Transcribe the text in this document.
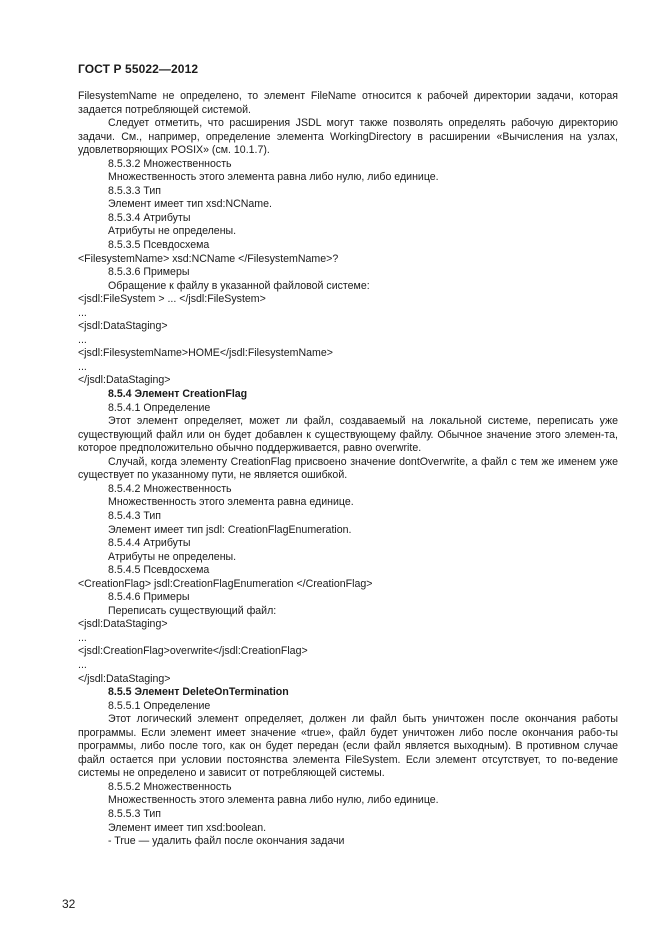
ГОСТ Р 55022—2012

FilesystemName не определено, то элемент FileName относится к рабочей директории задачи, которая задается потребляющей системой.

Следует отметить, что расширения JSDL могут также позволять определять рабочую директорию задачи. См., например, определение элемента WorkingDirectory в расширении «Вычисления на узлах, удовлетворяющих POSIX» (см. 10.1.7).

8.5.3.2 Множественность

Множественность этого элемента равна либо нулю, либо единице.

8.5.3.3 Тип

Элемент имеет тип xsd:NCName.

8.5.3.4 Атрибуты

Атрибуты не определены.

8.5.3.5 Псевдосхема

<FilesystemName> xsd:NCName </FilesystemName>?

8.5.3.6 Примеры

Обращение к файлу в указанной файловой системе:

<jsdl:FileSystem > ... </jsdl:FileSystem>

...

<jsdl:DataStaging>

...

<jsdl:FilesystemName>HOME</jsdl:FilesystemName>

...

</jsdl:DataStaging>

8.5.4 Элемент CreationFlag

8.5.4.1 Определение

Этот элемент определяет, может ли файл, создаваемый на локальной системе, переписать уже существующий файл или он будет добавлен к существующему файлу. Обычное значение этого элемен-та, которое предположительно обычно поддерживается, равно overwrite.

Случай, когда элементу CreationFlag присвоено значение dontOverwrite, а файл с тем же именем уже существует по указанному пути, не является ошибкой.

8.5.4.2 Множественность

Множественность этого элемента равна единице.

8.5.4.3 Тип

Элемент имеет тип jsdl: CreationFlagEnumeration.

8.5.4.4 Атрибуты

Атрибуты не определены.

8.5.4.5 Псевдосхема

<CreationFlag> jsdl:CreationFlagEnumeration </CreationFlag>

8.5.4.6 Примеры

Переписать существующий файл:

<jsdl:DataStaging>

...

<jsdl:CreationFlag>overwrite</jsdl:CreationFlag>

...

</jsdl:DataStaging>

8.5.5 Элемент DeleteOnTermination

8.5.5.1 Определение

Этот логический элемент определяет, должен ли файл быть уничтожен после окончания работы программы. Если элемент имеет значение «true», файл будет уничтожен либо после окончания рабо-ты программы, либо после того, как он будет передан (если файл является выходным). В противном случае файл остается при условии постоянства элемента FileSystem. Если элемент отсутствует, то по-ведение системы не определено и зависит от потребляющей системы.

8.5.5.2 Множественность

Множественность этого элемента равна либо нулю, либо единице.

8.5.5.3 Тип

Элемент имеет тип xsd:boolean.

- True — удалить файл после окончания задачи

32
